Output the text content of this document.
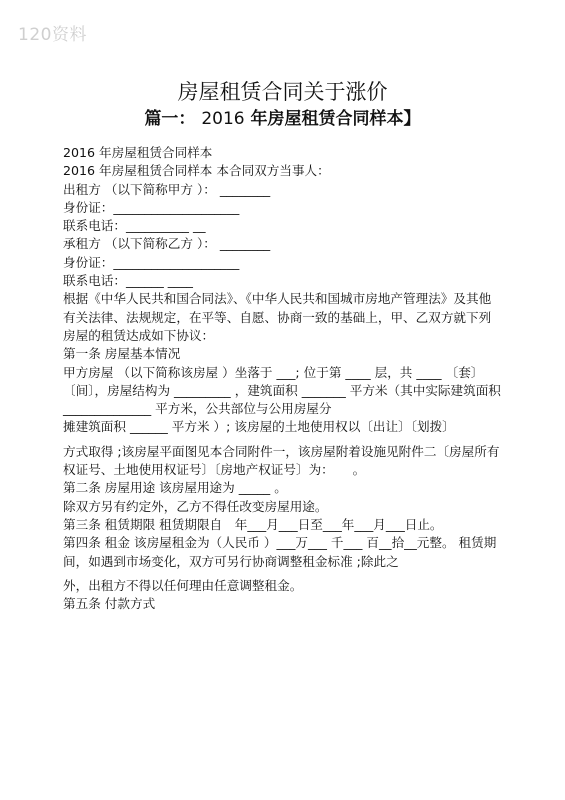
120资料
房屋租赁合同关于涨价
篇一： 2016 年房屋租赁合同样本】

2016 年房屋租赁合同样本

2016 年房屋租赁合同样本 本合同双方当事人：

出租方 （以下简称甲方 ）： ________

身份证：____________________

联系电话：__________ __

承租方 （以下简称乙方 ）： ________

身份证：____________________

联系电话：______ ____

根据《中华人民共和国合同法》、《中华人民共和国城市房地产管理法》及其他有关法律、法规规定，在平等、自愿、协商一致的基础上，甲、乙双方就下列房屋的租赁达成如下协议：

第一条 房屋基本情况

甲方房屋 （以下简称该房屋 ）坐落于 ___; 位于第 ____ 层，共 ____ 〔套〕〔间〕，房屋结构为 _________ ，建筑面积 _______ 平方米（其中实际建筑面积 ______________ 平方米，公共部位与公用房屋分

摊建筑面积 ______ 平方米 ）; 该房屋的土地使用权以〔出让〕〔划拨〕

方式取得 ;该房屋平面图见本合同附件一，该房屋附着设施见附件二〔房屋所有权证号、土地使用权证号〕〔房地产权证号〕为：　　。

第二条 房屋用途 该房屋用途为 _____ 。

除双方另有约定外，乙方不得任改变房屋用途。

第三条 租赁期限 租赁期限自　年___月___日至___年___月___日止。

第四条 租金 该房屋租金为（人民币 ）___万___ 千___ 百__拾__元整。 租赁期间，如遇到市场变化，双方可另行协商调整租金标准 ;除此之

外，出租方不得以任何理由任意调整租金。

第五条 付款方式
